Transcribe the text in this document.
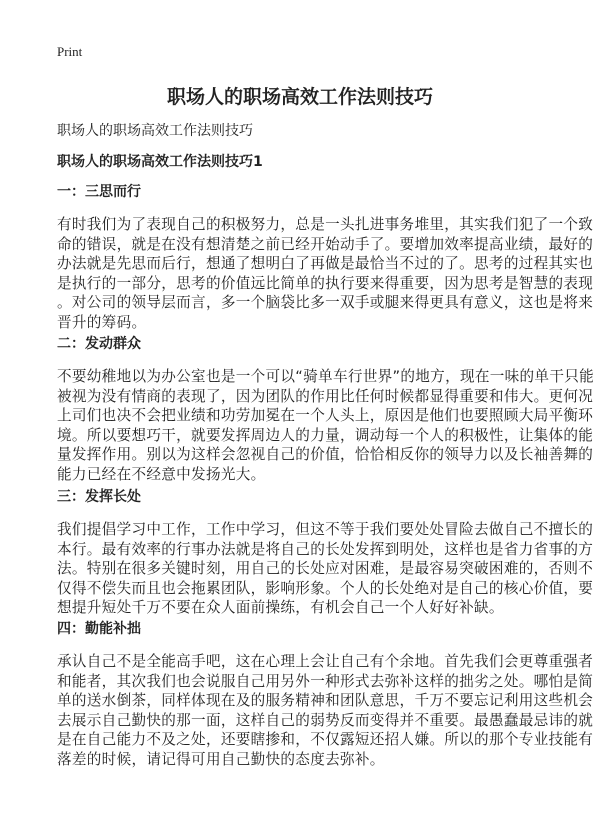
Print
职场人的职场高效工作法则技巧
职场人的职场高效工作法则技巧
职场人的职场高效工作法则技巧1
一：三思而行
有时我们为了表现自己的积极努力，总是一头扎进事务堆里，其实我们犯了一个致
命的错误，就是在没有想清楚之前已经开始动手了。要增加效率提高业绩，最好的
办法就是先思而后行，想通了想明白了再做是最恰当不过的了。思考的过程其实也
是执行的一部分，思考的价值远比简单的执行要来得重要，因为思考是智慧的表现
。对公司的领导层而言，多一个脑袋比多一双手或腿来得更具有意义，这也是将来
晋升的筹码。
二：发动群众
不要幼稚地以为办公室也是一个可以“骑单车行世界”的地方，现在一味的单干只能
被视为没有情商的表现了，因为团队的作用比任何时候都显得重要和伟大。更何况
上司们也决不会把业绩和功劳加冕在一个人头上，原因是他们也要照顾大局平衡环
境。所以要想巧干，就要发挥周边人的力量，调动每一个人的积极性，让集体的能
量发挥作用。别以为这样会忽视自己的价值，恰恰相反你的领导力以及长袖善舞的
能力已经在不经意中发扬光大。
三：发挥长处
我们提倡学习中工作，工作中学习，但这不等于我们要处处冒险去做自己不擅长的
本行。最有效率的行事办法就是将自己的长处发挥到明处，这样也是省力省事的方
法。特别在很多关键时刻，用自己的长处应对困难，是最容易突破困难的，否则不
仅得不偿失而且也会拖累团队，影响形象。个人的长处绝对是自己的核心价值，要
想提升短处千万不要在众人面前操练，有机会自己一个人好好补缺。
四：勤能补拙
承认自己不是全能高手吧，这在心理上会让自己有个余地。首先我们会更尊重强者
和能者，其次我们也会说服自己用另外一种形式去弥补这样的拙劣之处。哪怕是简
单的送水倒茶，同样体现在及的服务精神和团队意思，千万不要忘记利用这些机会
去展示自己勤快的那一面，这样自己的弱势反而变得并不重要。最愚蠢最忌讳的就
是在自己能力不及之处，还要瞎掺和，不仅露短还招人嫌。所以的那个专业技能有
落差的时候，请记得可用自己勤快的态度去弥补。
